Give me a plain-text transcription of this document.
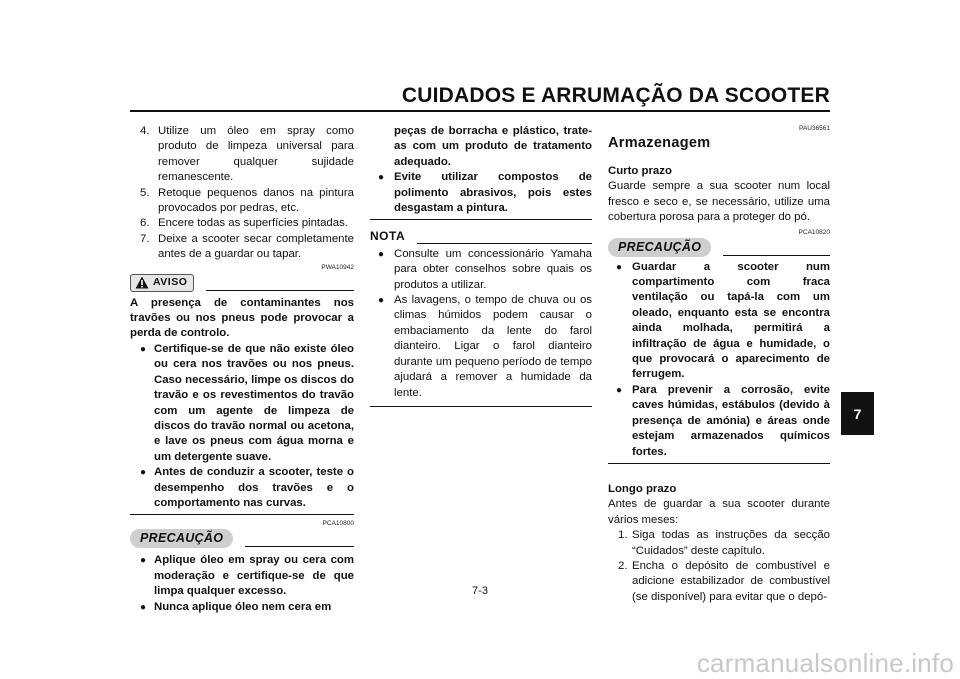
CUIDADOS E ARRUMAÇÃO DA SCOOTER
7
4. Utilize um óleo em spray como produto de limpeza universal para remover qualquer sujidade remanescente.
5. Retoque pequenos danos na pintura provocados por pedras, etc.
6. Encere todas as superfícies pintadas.
7. Deixe a scooter secar completamente antes de a guardar ou tapar.
PWA10942
AVISO

A presença de contaminantes nos travões ou nos pneus pode provocar a perda de controlo.

● Certifique-se de que não existe óleo ou cera nos travões ou nos pneus. Caso necessário, limpe os discos do travão e os revestimentos do travão com um agente de limpeza de discos do travão normal ou acetona, e lave os pneus com água morna e um detergente suave.
● Antes de conduzir a scooter, teste o desempenho dos travões e o comportamento nas curvas.
PCA10800
PRECAUÇÃO
● Aplique óleo em spray ou cera com moderação e certifique-se de que limpa qualquer excesso.
● Nunca aplique óleo nem cera em
peças de borracha e plástico, trate-as com um produto de tratamento adequado.
● Evite utilizar compostos de polimento abrasivos, pois estes desgastam a pintura.
NOTA
● Consulte um concessionário Yamaha para obter conselhos sobre quais os produtos a utilizar.
● As lavagens, o tempo de chuva ou os climas húmidos podem causar o embaciamento da lente do farol dianteiro. Ligar o farol dianteiro durante um pequeno período de tempo ajudará a remover a humidade da lente.
PAU36561

Armazenagem

Curto prazo

Guarde sempre a sua scooter num local fresco e seco e, se necessário, utilize uma cobertura porosa para a proteger do pó.

PCA10820
PRECAUÇÃO
● Guardar a scooter num compartimento com fraca ventilação ou tapá-la com um oleado, enquanto esta se encontra ainda molhada, permitirá a infiltração de água e humidade, o que provocará o aparecimento de ferrugem.
● Para prevenir a corrosão, evite caves húmidas, estábulos (devido à presença de amónia) e áreas onde estejam armazenados químicos fortes.

Longo prazo

Antes de guardar a sua scooter durante vários meses:

1. Siga todas as instruções da secção “Cuidados” deste capítulo.
2. Encha o depósito de combustível e adicione estabilizador de combustível (se disponível) para evitar que o depó-
7-3
carmanualsonline.info
